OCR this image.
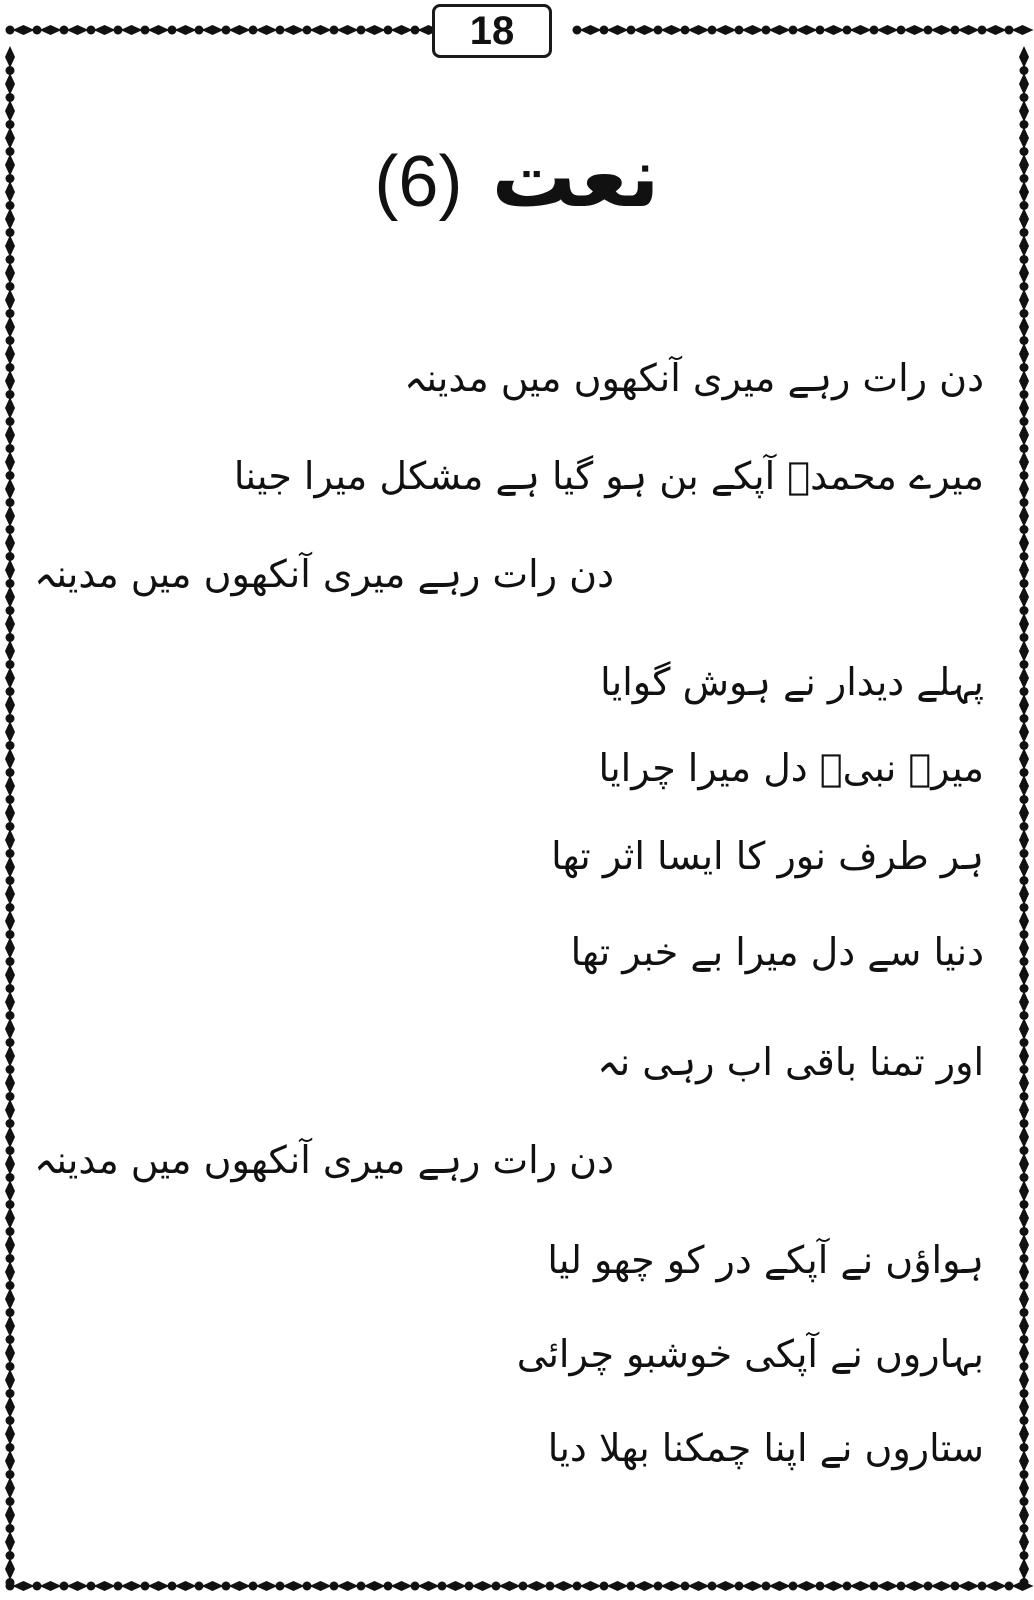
18
نعت (6)
دن رات رہے میری آنکھوں میں مدینہ
میرے محمدؐ آپکے بن ہو گیا ہے مشکل میرا جینا
دن رات رہے میری آنکھوں میں مدینہ
پہلے دیدار نے ہوش گوایا
میرے نبیؐ دل میرا چرایا
ہر طرف نور کا ایسا اثر تھا
دنیا سے دل میرا بے خبر تھا
اور تمنا باقی اب رہی نہ
دن رات رہے میری آنکھوں میں مدینہ
ہواؤں نے آپکے در کو چھو لیا
بہاروں نے آپکی خوشبو چرائی
ستاروں نے اپنا چمکنا بھلا دیا
